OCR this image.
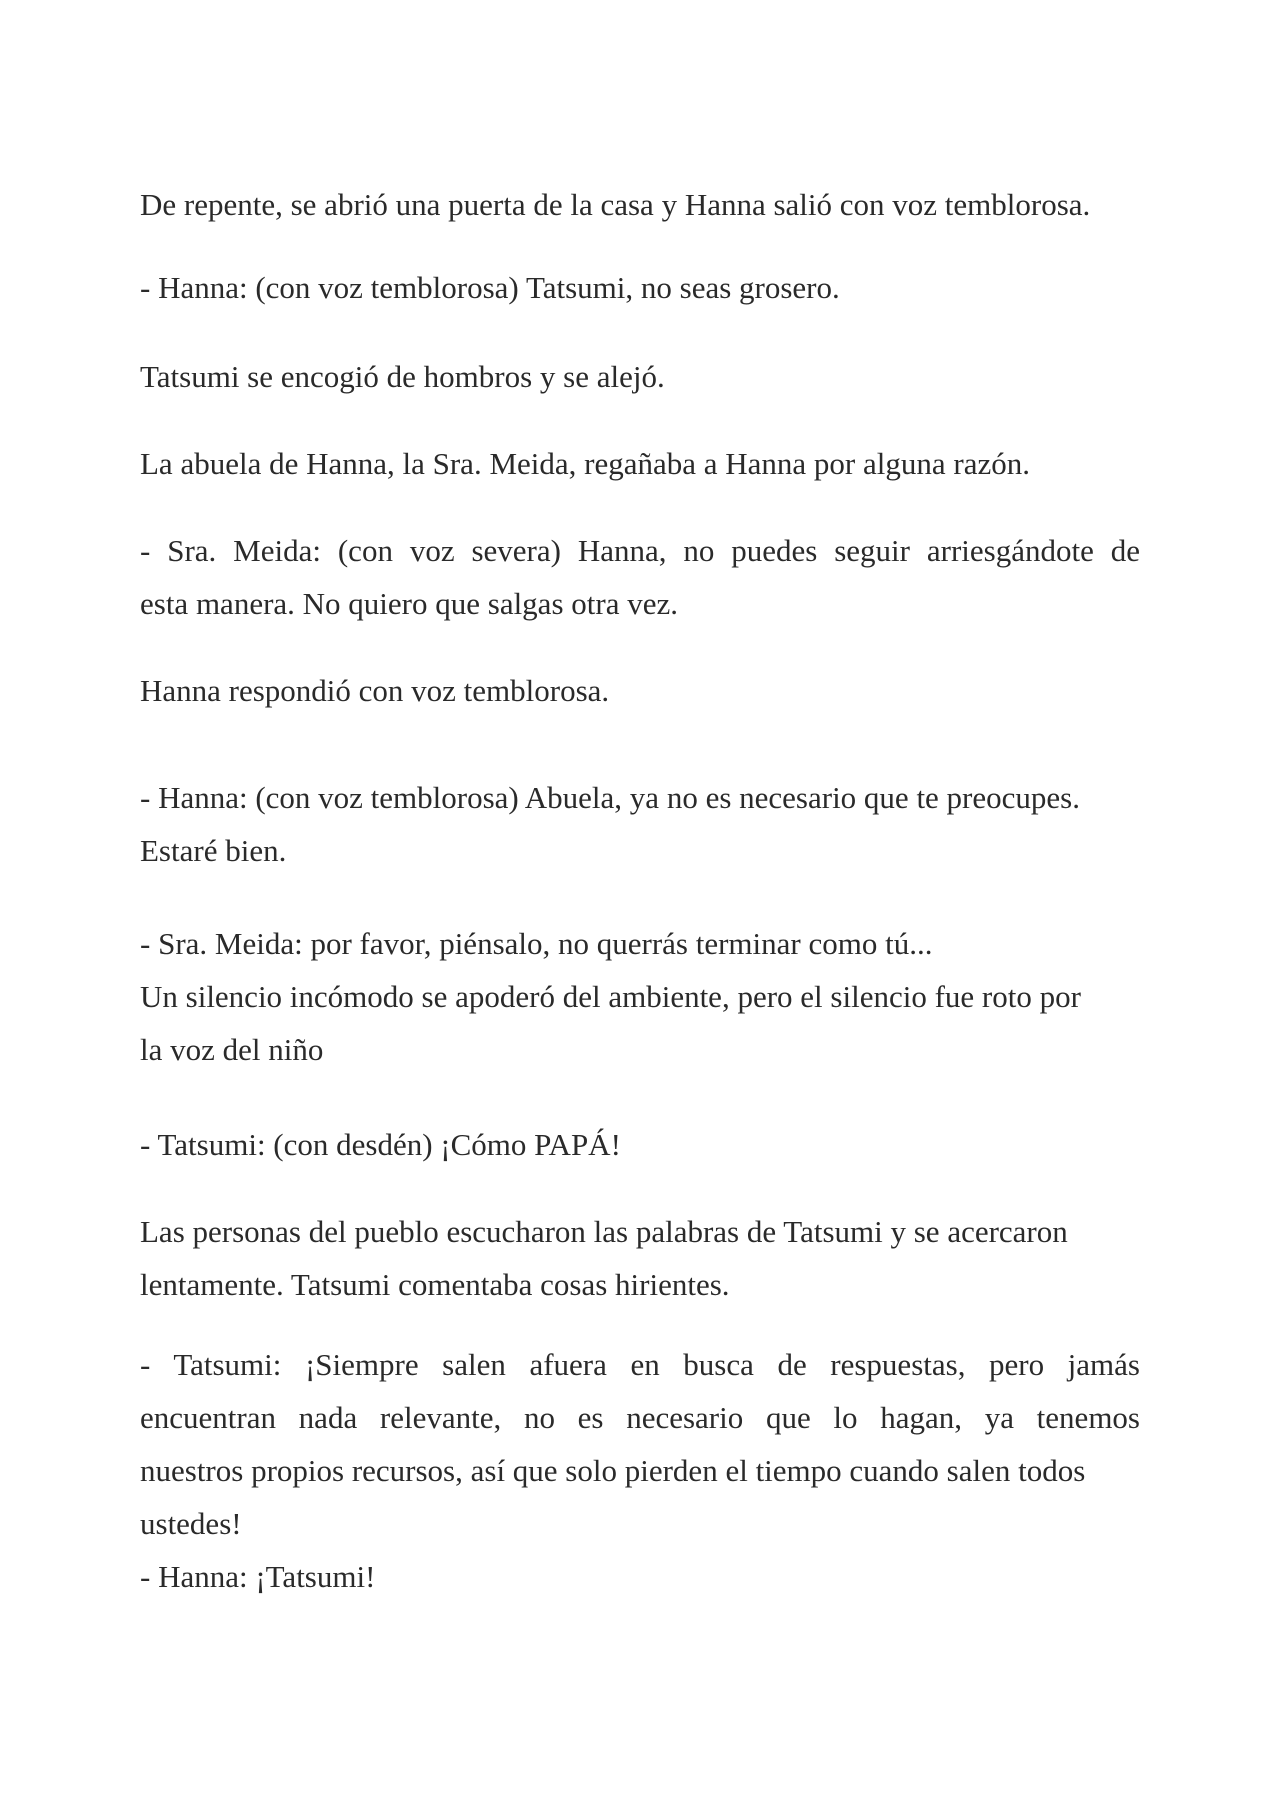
De repente, se abrió una puerta de la casa y Hanna salió con voz temblorosa.
- Hanna: (con voz temblorosa) Tatsumi, no seas grosero.
Tatsumi se encogió de hombros y se alejó.
La abuela de Hanna, la Sra. Meida, regañaba a Hanna por alguna razón.
- Sra. Meida: (con voz severa) Hanna, no puedes seguir arriesgándote de
esta manera. No quiero que salgas otra vez.
Hanna respondió con voz temblorosa.
- Hanna: (con voz temblorosa) Abuela, ya no es necesario que te preocupes.
Estaré bien.
- Sra. Meida: por favor, piénsalo, no querrás terminar como tú...
Un silencio incómodo se apoderó del ambiente, pero el silencio fue roto por
la voz del niño
- Tatsumi: (con desdén) ¡Cómo PAPÁ!
Las personas del pueblo escucharon las palabras de Tatsumi y se acercaron
lentamente. Tatsumi comentaba cosas hirientes.
- Tatsumi: ¡Siempre salen afuera en busca de respuestas, pero jamás
encuentran nada relevante, no es necesario que lo hagan, ya tenemos
nuestros propios recursos, así que solo pierden el tiempo cuando salen todos
ustedes!
- Hanna: ¡Tatsumi!
